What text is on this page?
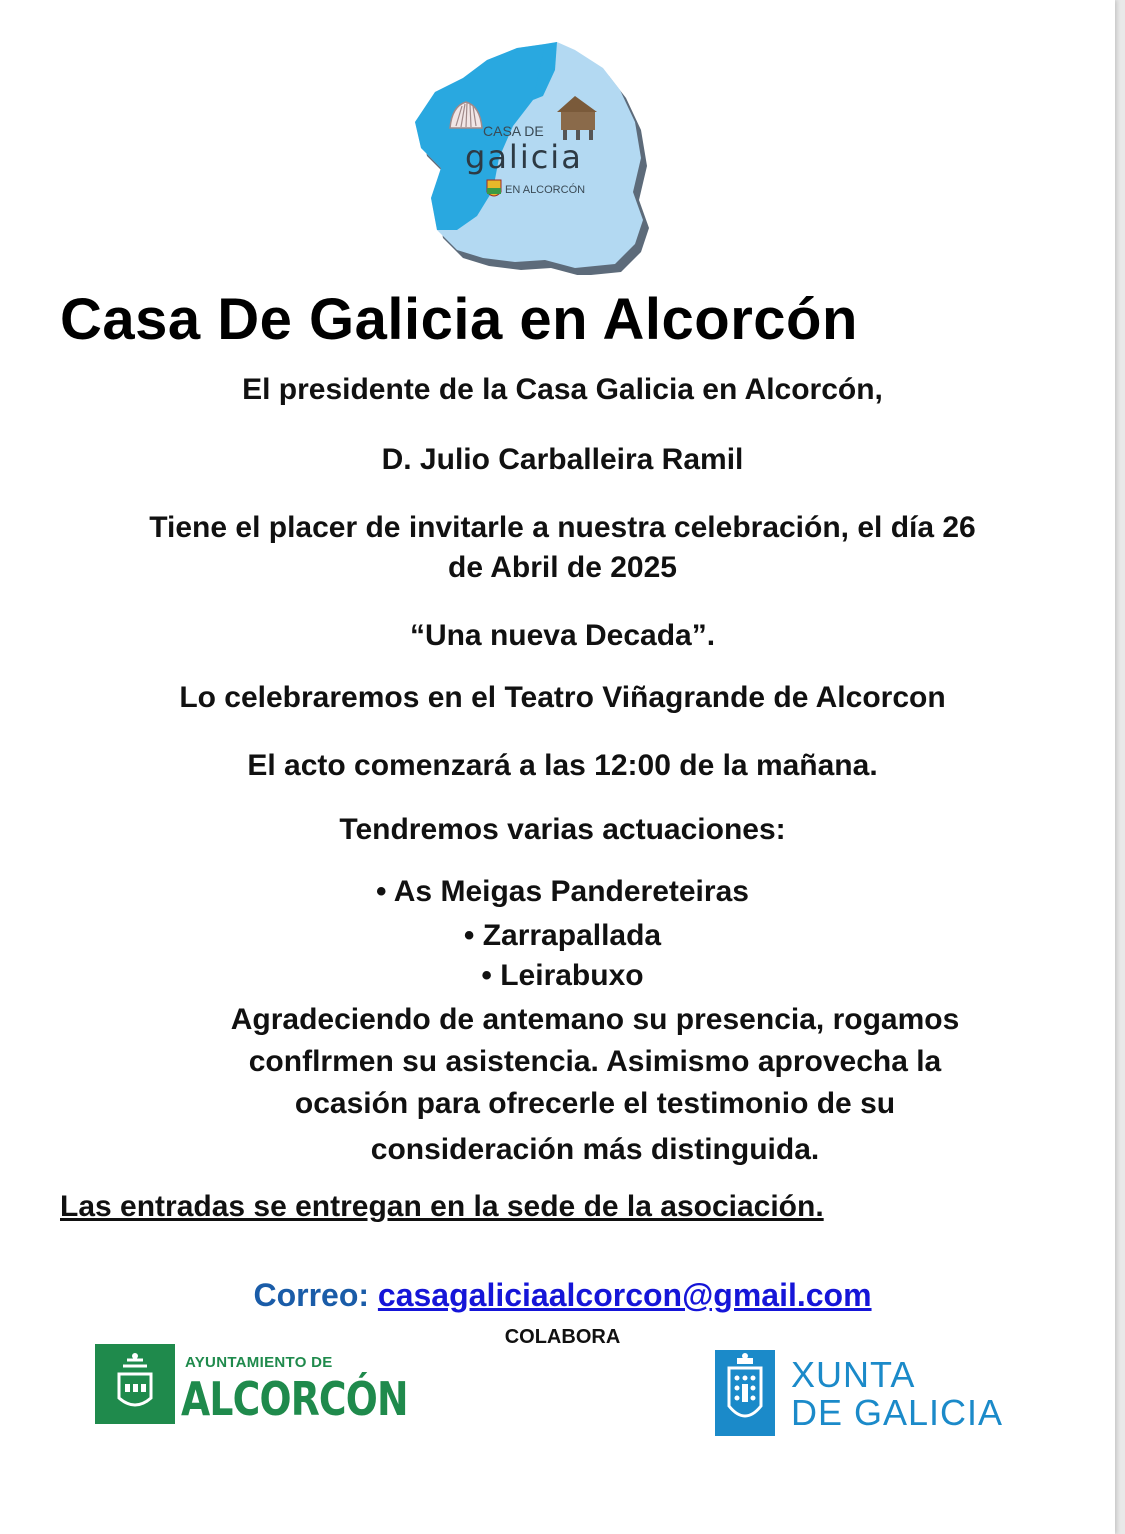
CASA DE
galicia
EN ALCORCÓN
Casa De Galicia en Alcorcón
El presidente de la Casa Galicia en Alcorcón,
D. Julio Carballeira Ramil
Tiene el placer de invitarle a nuestra celebración, el día 26
de Abril de 2025
“Una nueva Decada”.
Lo celebraremos en el Teatro Viñagrande de Alcorcon
El acto comenzará a las 12:00 de la mañana.
Tendremos varias actuaciones:
• As Meigas Pandereteiras
• Zarrapallada
• Leirabuxo
Agradeciendo de antemano su presencia, rogamos
conflrmen su asistencia. Asimismo aprovecha la
ocasión para ofrecerle el testimonio de su
consideración más distinguida.
Las entradas se entregan en la sede de la asociación.
Correo: casagaliciaalcorcon@gmail.com
COLABORA
AYUNTAMIENTO DE
ALCORCÓN	XUNTA
DE GALICIA
